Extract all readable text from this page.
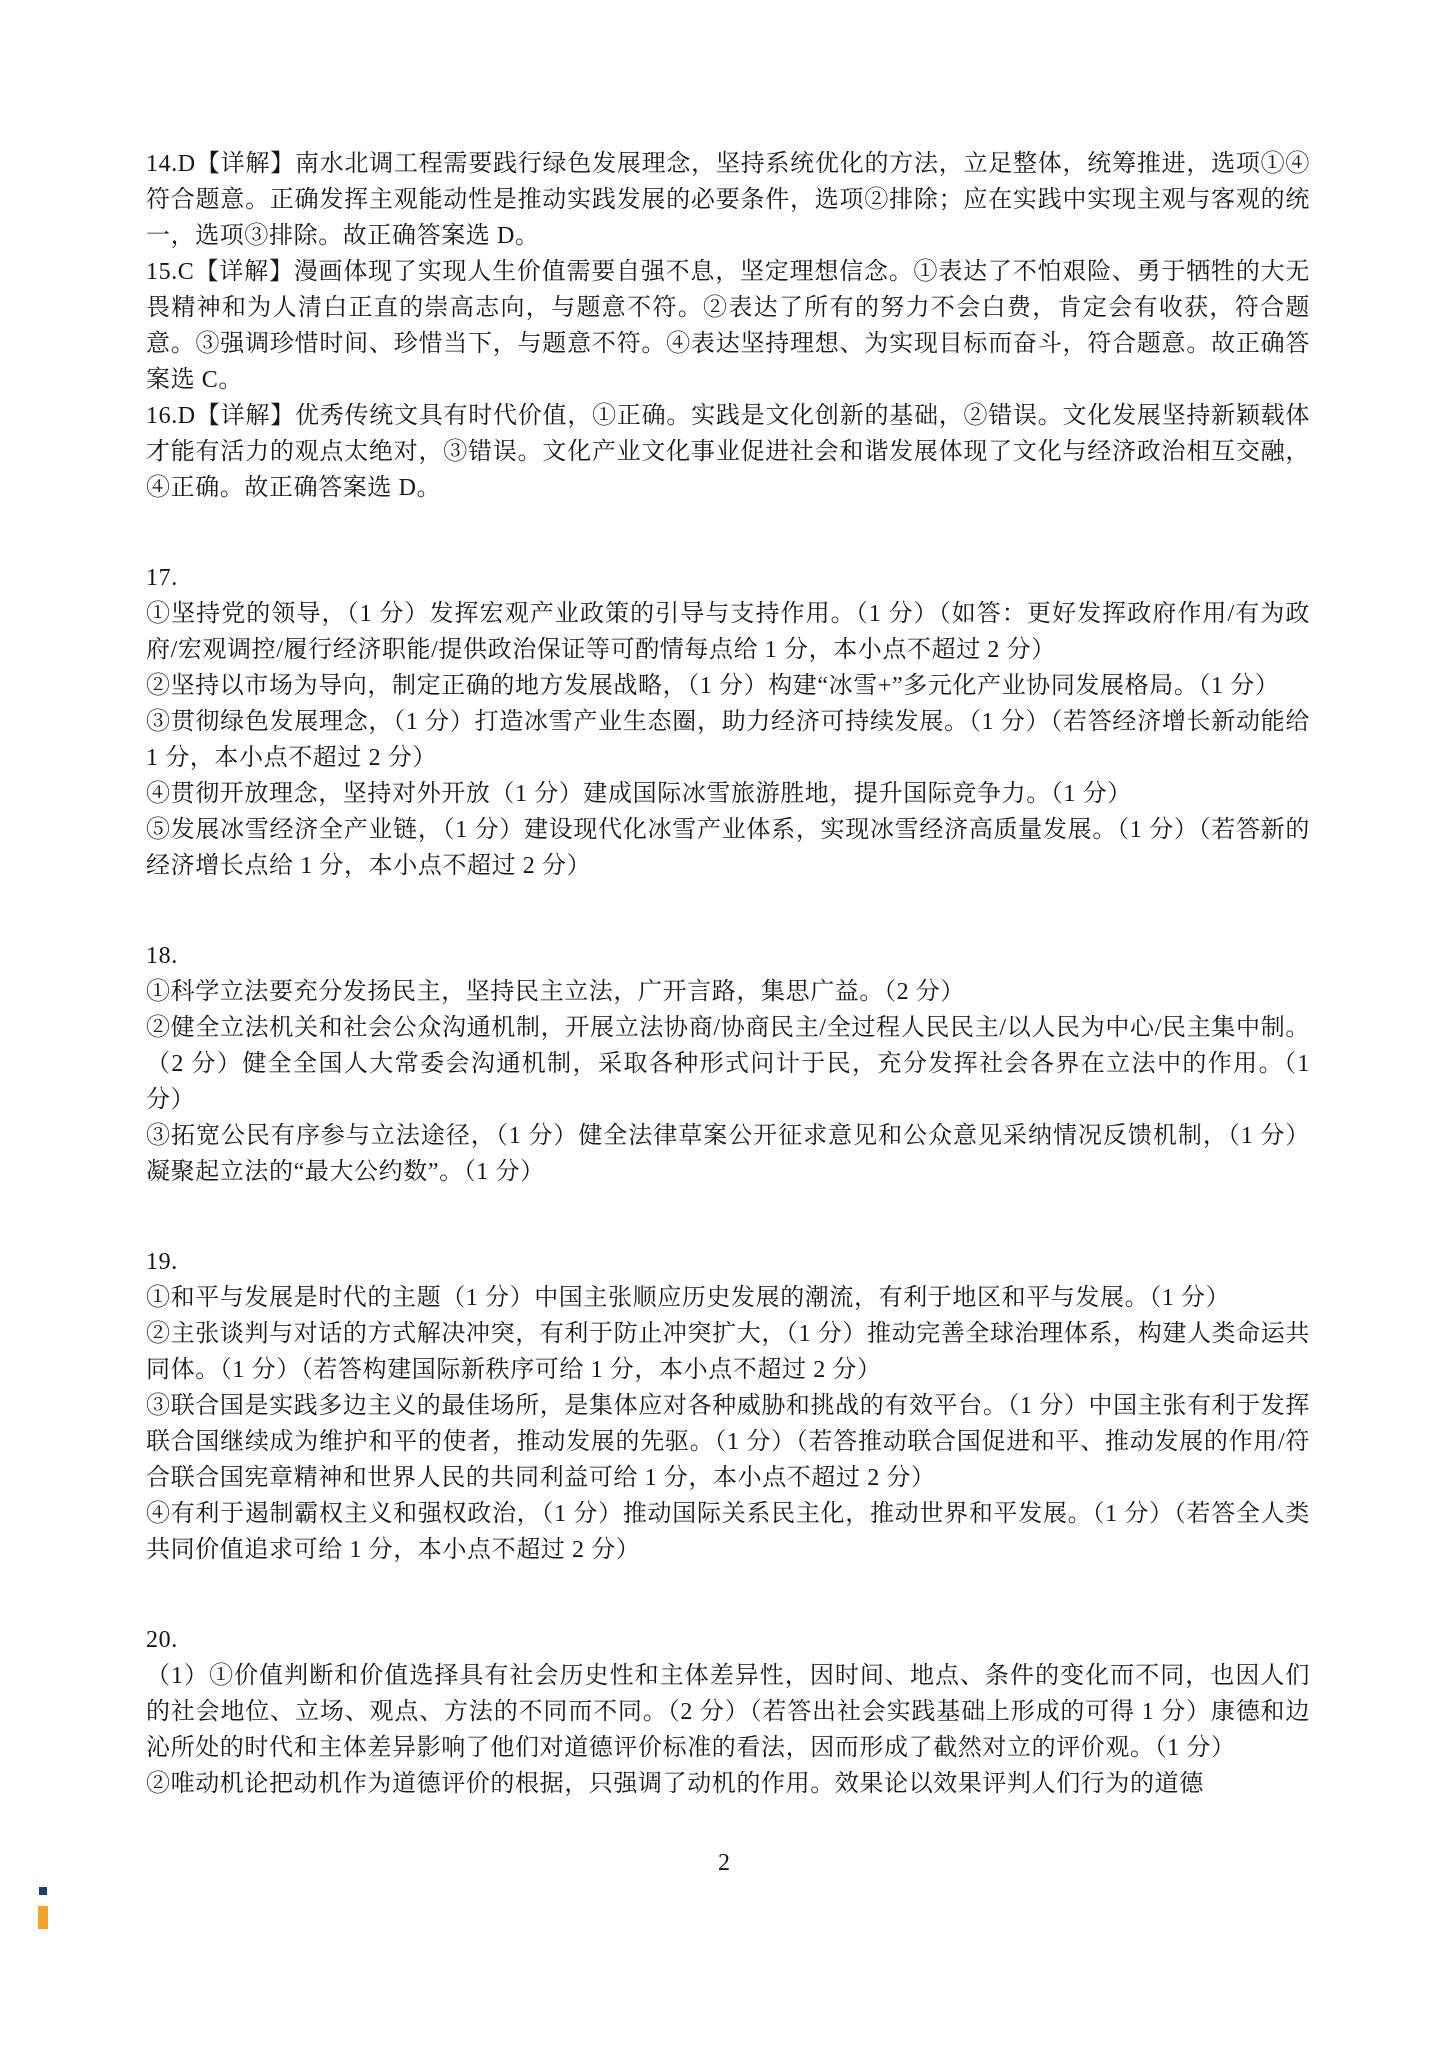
14.D【详解】南水北调工程需要践行绿色发展理念，坚持系统优化的方法，立足整体，统筹推进，选项①④符合题意。正确发挥主观能动性是推动实践发展的必要条件，选项②排除；应在实践中实现主观与客观的统一，选项③排除。故正确答案选 D。

15.C【详解】漫画体现了实现人生价值需要自强不息，坚定理想信念。①表达了不怕艰险、勇于牺牲的大无畏精神和为人清白正直的崇高志向，与题意不符。②表达了所有的努力不会白费，肯定会有收获，符合题意。③强调珍惜时间、珍惜当下，与题意不符。④表达坚持理想、为实现目标而奋斗，符合题意。故正确答案选 C。

16.D【详解】优秀传统文具有时代价值，①正确。实践是文化创新的基础，②错误。文化发展坚持新颖载体才能有活力的观点太绝对，③错误。文化产业文化事业促进社会和谐发展体现了文化与经济政治相互交融，④正确。故正确答案选 D。

17.

①坚持党的领导，（1 分）发挥宏观产业政策的引导与支持作用。（1 分）（如答：更好发挥政府作用/有为政府/宏观调控/履行经济职能/提供政治保证等可酌情每点给 1 分，本小点不超过 2 分）

②坚持以市场为导向，制定正确的地方发展战略，（1 分）构建“冰雪+”多元化产业协同发展格局。（1 分）

③贯彻绿色发展理念，（1 分）打造冰雪产业生态圈，助力经济可持续发展。（1 分）（若答经济增长新动能给 1 分，本小点不超过 2 分）

④贯彻开放理念，坚持对外开放（1 分）建成国际冰雪旅游胜地，提升国际竞争力。（1 分）

⑤发展冰雪经济全产业链，（1 分）建设现代化冰雪产业体系，实现冰雪经济高质量发展。（1 分）（若答新的经济增长点给 1 分，本小点不超过 2 分）

18.

①科学立法要充分发扬民主，坚持民主立法，广开言路，集思广益。（2 分）

②健全立法机关和社会公众沟通机制，开展立法协商/协商民主/全过程人民民主/以人民为中心/民主集中制。（2 分）健全全国人大常委会沟通机制，采取各种形式问计于民，充分发挥社会各界在立法中的作用。（1 分）

③拓宽公民有序参与立法途径，（1 分）健全法律草案公开征求意见和公众意见采纳情况反馈机制，（1 分）凝聚起立法的“最大公约数”。（1 分）

19.

①和平与发展是时代的主题（1 分）中国主张顺应历史发展的潮流，有利于地区和平与发展。（1 分）

②主张谈判与对话的方式解决冲突，有利于防止冲突扩大，（1 分）推动完善全球治理体系，构建人类命运共同体。（1 分）（若答构建国际新秩序可给 1 分，本小点不超过 2 分）

③联合国是实践多边主义的最佳场所，是集体应对各种威胁和挑战的有效平台。（1 分）中国主张有利于发挥联合国继续成为维护和平的使者，推动发展的先驱。（1 分）（若答推动联合国促进和平、推动发展的作用/符合联合国宪章精神和世界人民的共同利益可给 1 分，本小点不超过 2 分）

④有利于遏制霸权主义和强权政治，（1 分）推动国际关系民主化，推动世界和平发展。（1 分）（若答全人类共同价值追求可给 1 分，本小点不超过 2 分）

20.

（1）①价值判断和价值选择具有社会历史性和主体差异性，因时间、地点、条件的变化而不同，也因人们的社会地位、立场、观点、方法的不同而不同。（2 分）（若答出社会实践基础上形成的可得 1 分）康德和边沁所处的时代和主体差异影响了他们对道德评价标准的看法，因而形成了截然对立的评价观。（1 分）

②唯动机论把动机作为道德评价的根据，只强调了动机的作用。效果论以效果评判人们行为的道德

2
